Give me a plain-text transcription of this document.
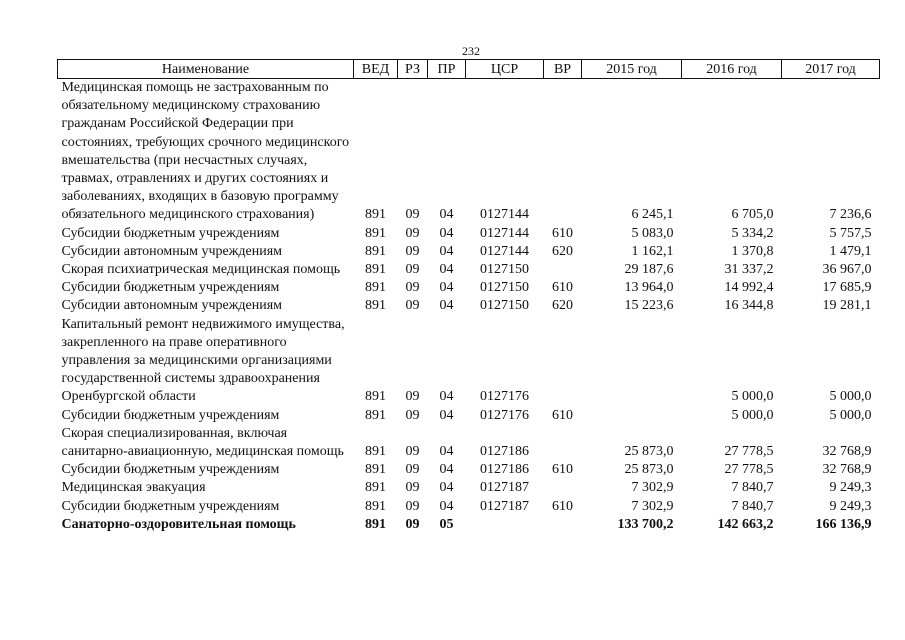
232
Наименование	ВЕД	РЗ	ПР	ЦСР	ВР	2015 год	2016 год	2017 год
Медицинская помощь не застрахованным по обязательному медицинскому страхованию гражданам Российской Федерации при состояниях, требующих срочного медицинского вмешательства (при несчастных случаях, травмах, отравлениях и других состояниях и заболеваниях, входящих в базовую программу обязательного медицинского страхования)	891	09	04	0127144		6 245,1	6 705,0	7 236,6
Субсидии бюджетным учреждениям	891	09	04	0127144	610	5 083,0	5 334,2	5 757,5
Субсидии автономным учреждениям	891	09	04	0127144	620	1 162,1	1 370,8	1 479,1
Скорая психиатрическая медицинская помощь	891	09	04	0127150		29 187,6	31 337,2	36 967,0
Субсидии бюджетным учреждениям	891	09	04	0127150	610	13 964,0	14 992,4	17 685,9
Субсидии автономным учреждениям	891	09	04	0127150	620	15 223,6	16 344,8	19 281,1
Капитальный ремонт недвижимого имущества, закрепленного на праве оперативного управления за медицинскими организациями государственной системы здравоохранения Оренбургской области	891	09	04	0127176			5 000,0	5 000,0
Субсидии бюджетным учреждениям	891	09	04	0127176	610		5 000,0	5 000,0
Скорая специализированная, включая санитарно-авиационную, медицинская помощь	891	09	04	0127186		25 873,0	27 778,5	32 768,9
Субсидии бюджетным учреждениям	891	09	04	0127186	610	25 873,0	27 778,5	32 768,9
Медицинская эвакуация	891	09	04	0127187		7 302,9	7 840,7	9 249,3
Субсидии бюджетным учреждениям	891	09	04	0127187	610	7 302,9	7 840,7	9 249,3
Санаторно-оздоровительная помощь	891	09	05			133 700,2	142 663,2	166 136,9
